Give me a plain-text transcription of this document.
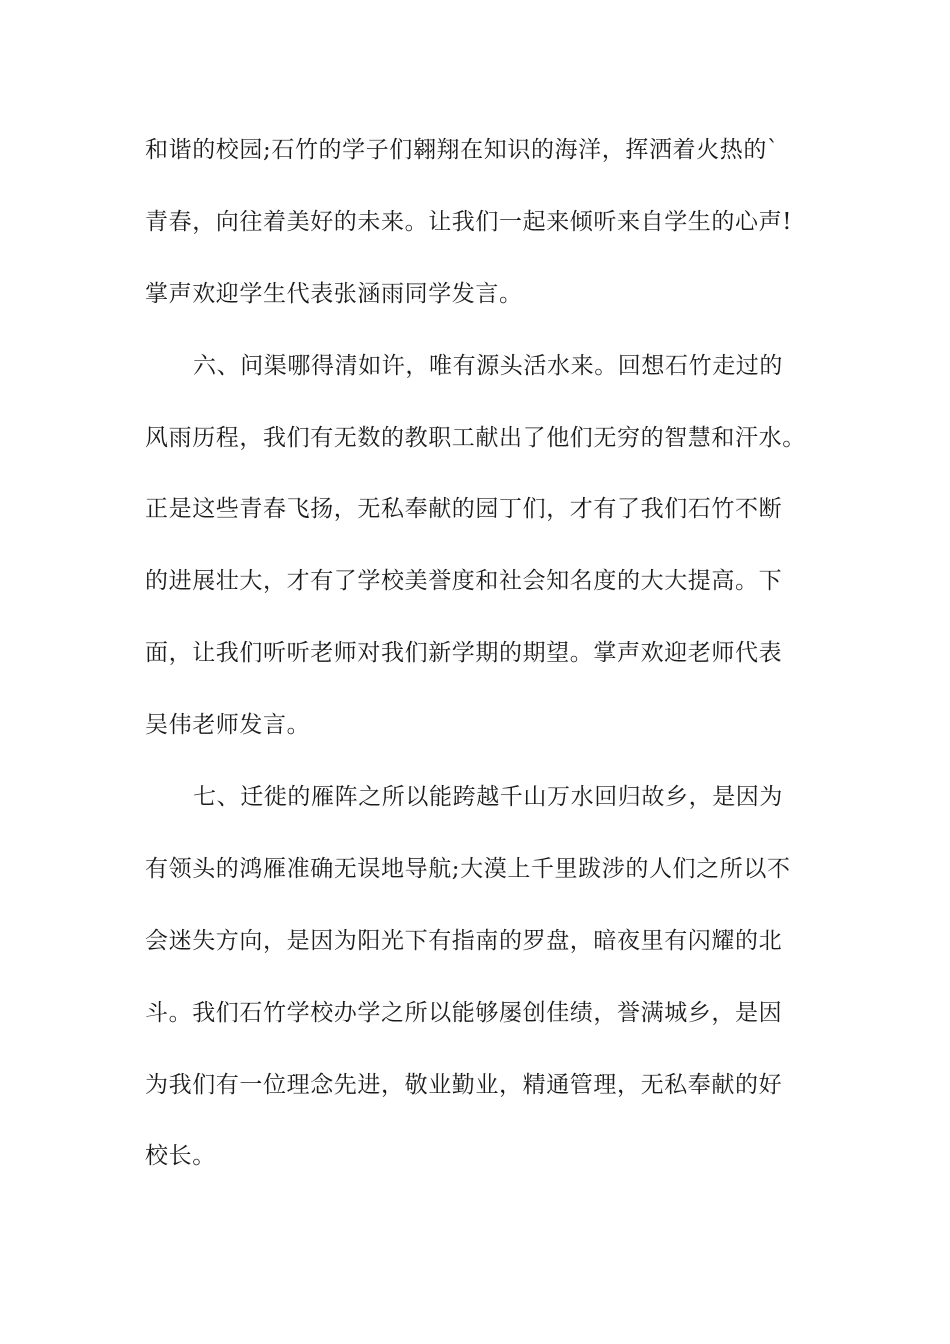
和谐的校园;石竹的学子们翱翔在知识的海洋，挥洒着火热的`
青春，向往着美好的未来。让我们一起来倾听来自学生的心声!
掌声欢迎学生代表张涵雨同学发言。
六、问渠哪得清如许，唯有源头活水来。回想石竹走过的
风雨历程，我们有无数的教职工献出了他们无穷的智慧和汗水。
正是这些青春飞扬，无私奉献的园丁们，才有了我们石竹不断
的进展壮大，才有了学校美誉度和社会知名度的大大提高。下
面，让我们听听老师对我们新学期的期望。掌声欢迎老师代表
吴伟老师发言。
七、迁徙的雁阵之所以能跨越千山万水回归故乡，是因为
有领头的鸿雁准确无误地导航;大漠上千里跋涉的人们之所以不
会迷失方向，是因为阳光下有指南的罗盘，暗夜里有闪耀的北
斗。我们石竹学校办学之所以能够屡创佳绩，誉满城乡，是因
为我们有一位理念先进，敬业勤业，精通管理，无私奉献的好
校长。
